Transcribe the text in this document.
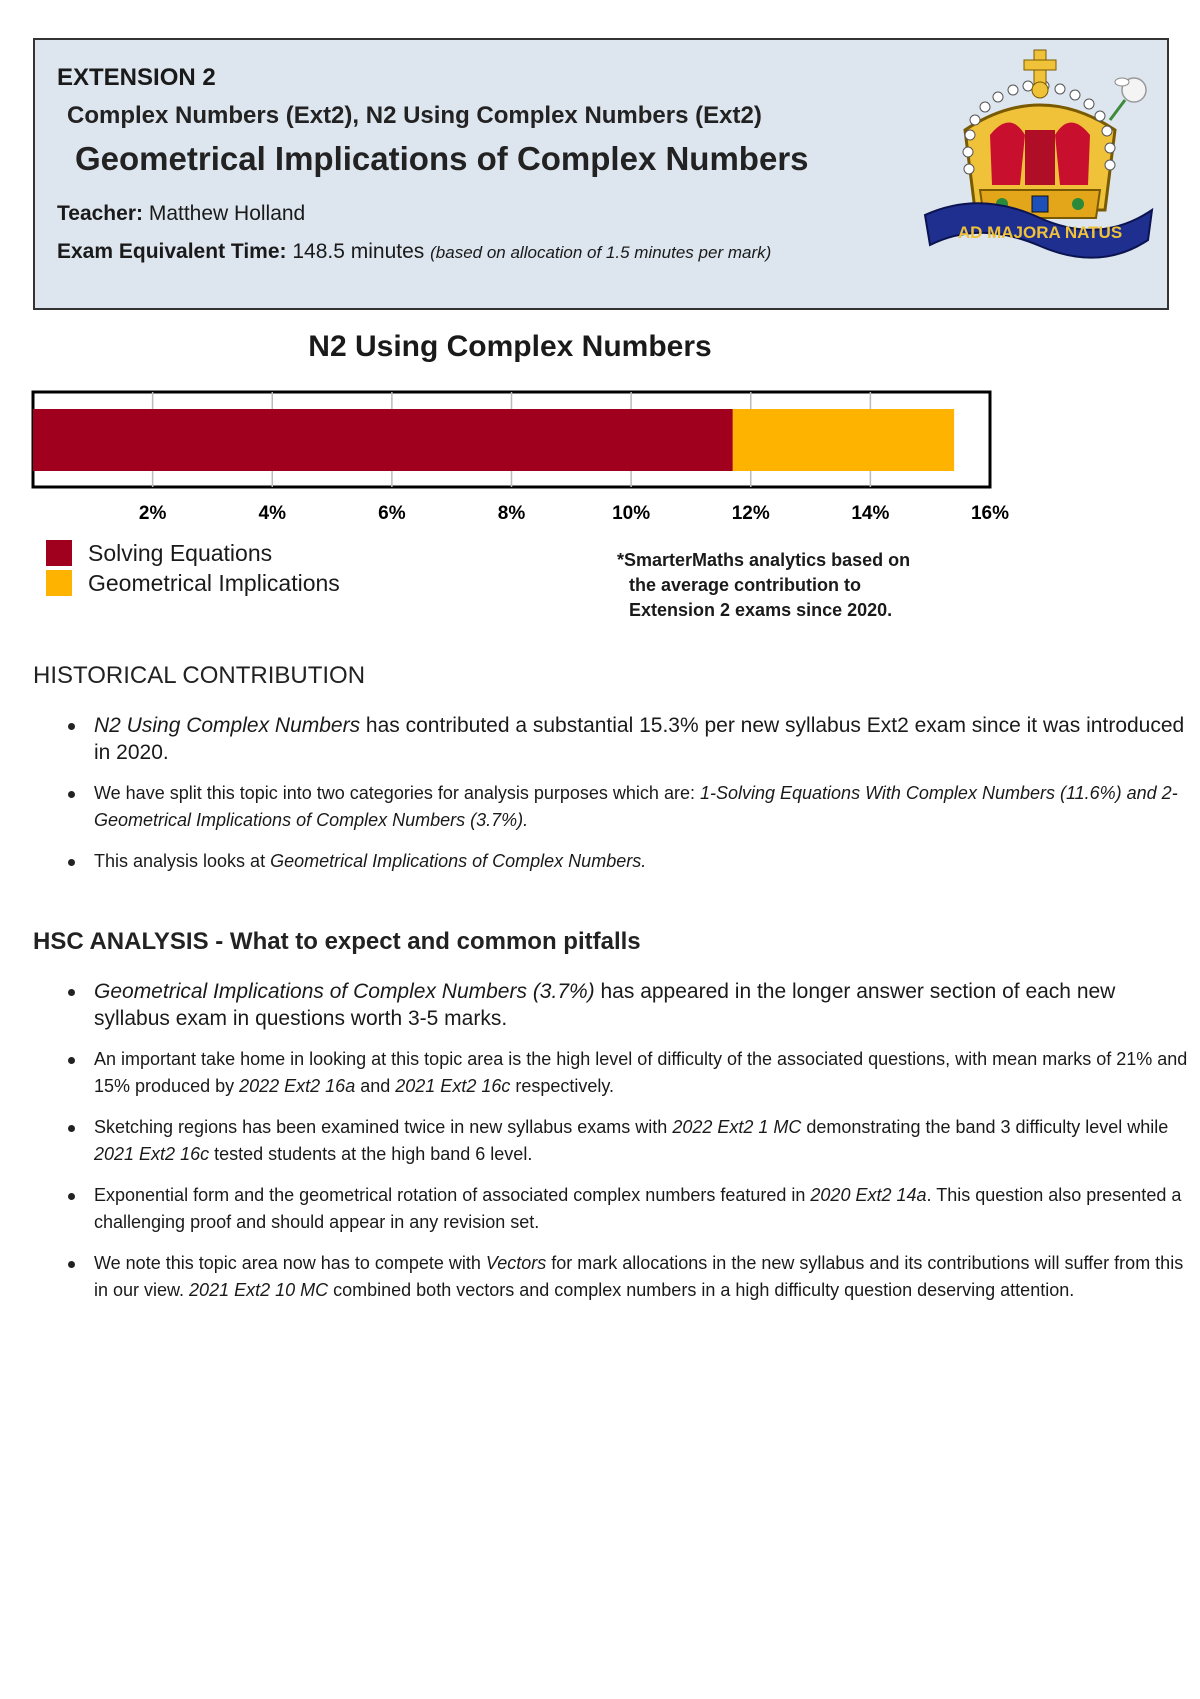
EXTENSION 2
Complex Numbers (Ext2), N2 Using Complex Numbers (Ext2)
Geometrical Implications of Complex Numbers
Teacher: Matthew Holland
Exam Equivalent Time: 148.5 minutes (based on allocation of 1.5 minutes per mark)
AD MAJORA NATUS
N2 Using Complex Numbers
2%	4%	6%	8%	10%	12%	14%	16%
Solving Equations
Geometrical Implications
*SmarterMaths analytics based on
the average contribution to
Extension 2 exams since 2020.
HISTORICAL CONTRIBUTION
N2 Using Complex Numbers has contributed a substantial 15.3% per new syllabus Ext2 exam since it was introduced in 2020.
We have split this topic into two categories for analysis purposes which are: 1-Solving Equations With Complex Numbers (11.6%) and 2-Geometrical Implications of Complex Numbers (3.7%).
This analysis looks at Geometrical Implications of Complex Numbers.
HSC ANALYSIS - What to expect and common pitfalls
Geometrical Implications of Complex Numbers (3.7%) has appeared in the longer answer section of each new syllabus exam in questions worth 3-5 marks.
An important take home in looking at this topic area is the high level of difficulty of the associated questions, with mean marks of 21% and 15% produced by 2022 Ext2 16a and 2021 Ext2 16c respectively.
Sketching regions has been examined twice in new syllabus exams with 2022 Ext2 1 MC demonstrating the band 3 difficulty level while 2021 Ext2 16c tested students at the high band 6 level.
Exponential form and the geometrical rotation of associated complex numbers featured in 2020 Ext2 14a. This question also presented a challenging proof and should appear in any revision set.
We note this topic area now has to compete with Vectors for mark allocations in the new syllabus and its contributions will suffer from this in our view. 2021 Ext2 10 MC combined both vectors and complex numbers in a high difficulty question deserving attention.
